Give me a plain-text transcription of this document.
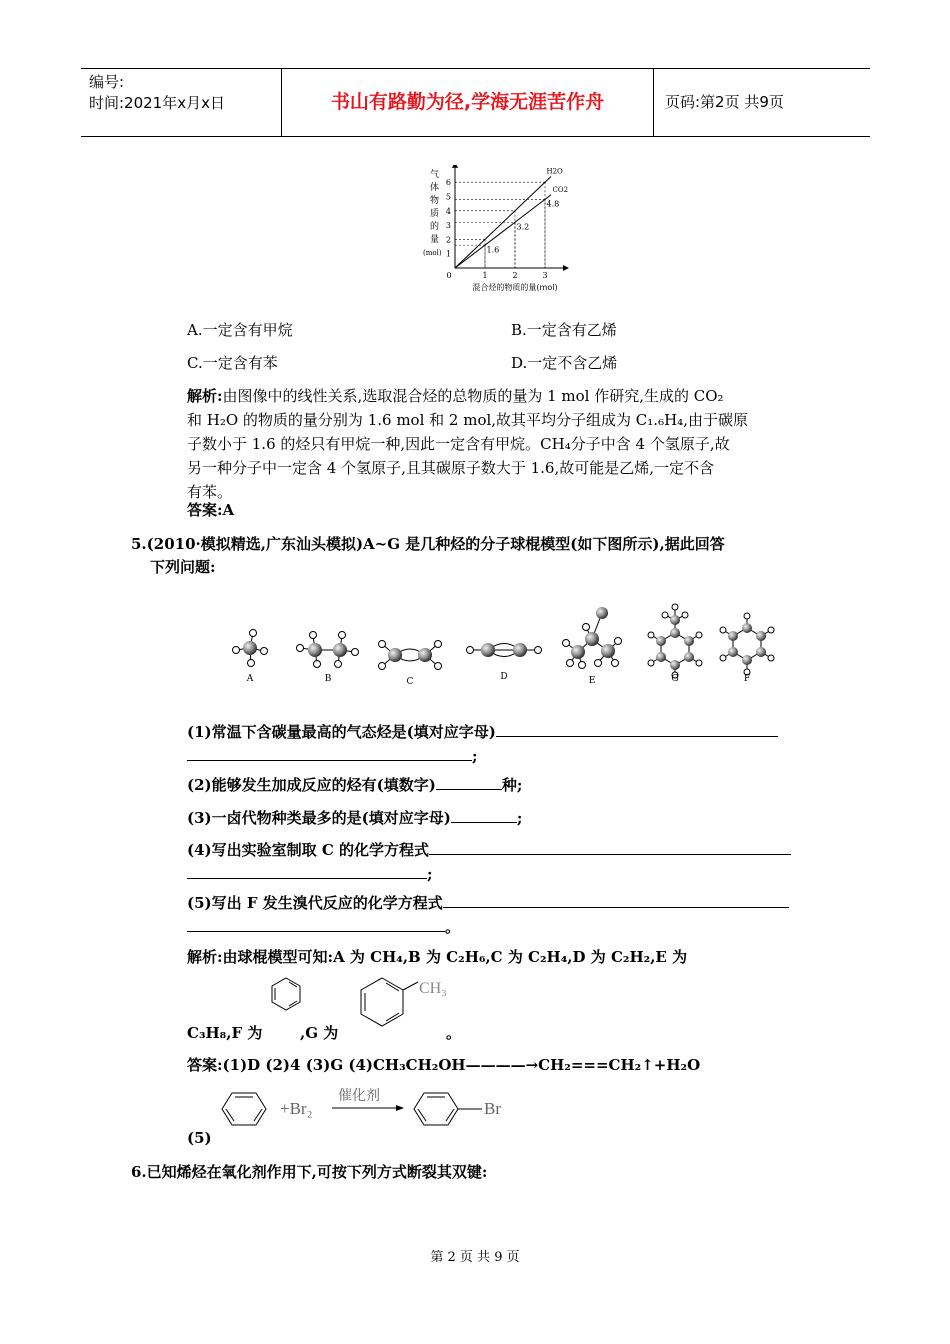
编号:
时间:2021年x月x日	书山有路勤为径,学海无涯苦作舟	页码:第2页 共9页
0	1	2	3
1
2
3
4
5
6
H2O
CO2
1.6
3.2
4.8
气
体
物
质
的
量
(mol)
混合烃的物质的量(mol)
A.一定含有甲烷	B.一定含有乙烯
C.一定含有苯	D.一定不含乙烯
解析:由图像中的线性关系,选取混合烃的总物质的量为 1 mol 作研究,生成的 CO₂
和 H₂O 的物质的量分别为 1.6 mol 和 2 mol,故其平均分子组成为 C₁.₆H₄,由于碳原
子数小于 1.6 的烃只有甲烷一种,因此一定含有甲烷。CH₄分子中含 4 个氢原子,故
另一种分子中一定含 4 个氢原子,且其碳原子数大于 1.6,故可能是乙烯,一定不含
有苯。
答案:A
5.(2010·模拟精选,广东汕头模拟)A~G 是几种烃的分子球棍模型(如下图所示),据此回答
下列问题:
A	B	C	D	E	G	F
(1)常温下含碳量最高的气态烃是(填对应字母)
;
(2)能够发生加成反应的烃有(填数字)	种;
(3)一卤代物种类最多的是(填对应字母)	;
(4)写出实验室制取 C 的化学方程式
;
(5)写出 F 发生溴代反应的化学方程式
。
解析:由球棍模型可知:A 为 CH₄,B 为 C₂H₆,C 为 C₂H₄,D 为 C₂H₂,E 为
CH₃
C₃H₈,F 为	,G 为	。
答案:(1)D (2)4 (3)G (4)CH₃CH₂OH————→CH₂===CH₂↑+H₂O
+Br₂
催化剂
Br
(5)
6.已知烯烃在氧化剂作用下,可按下列方式断裂其双键:
第 2 页 共 9 页
